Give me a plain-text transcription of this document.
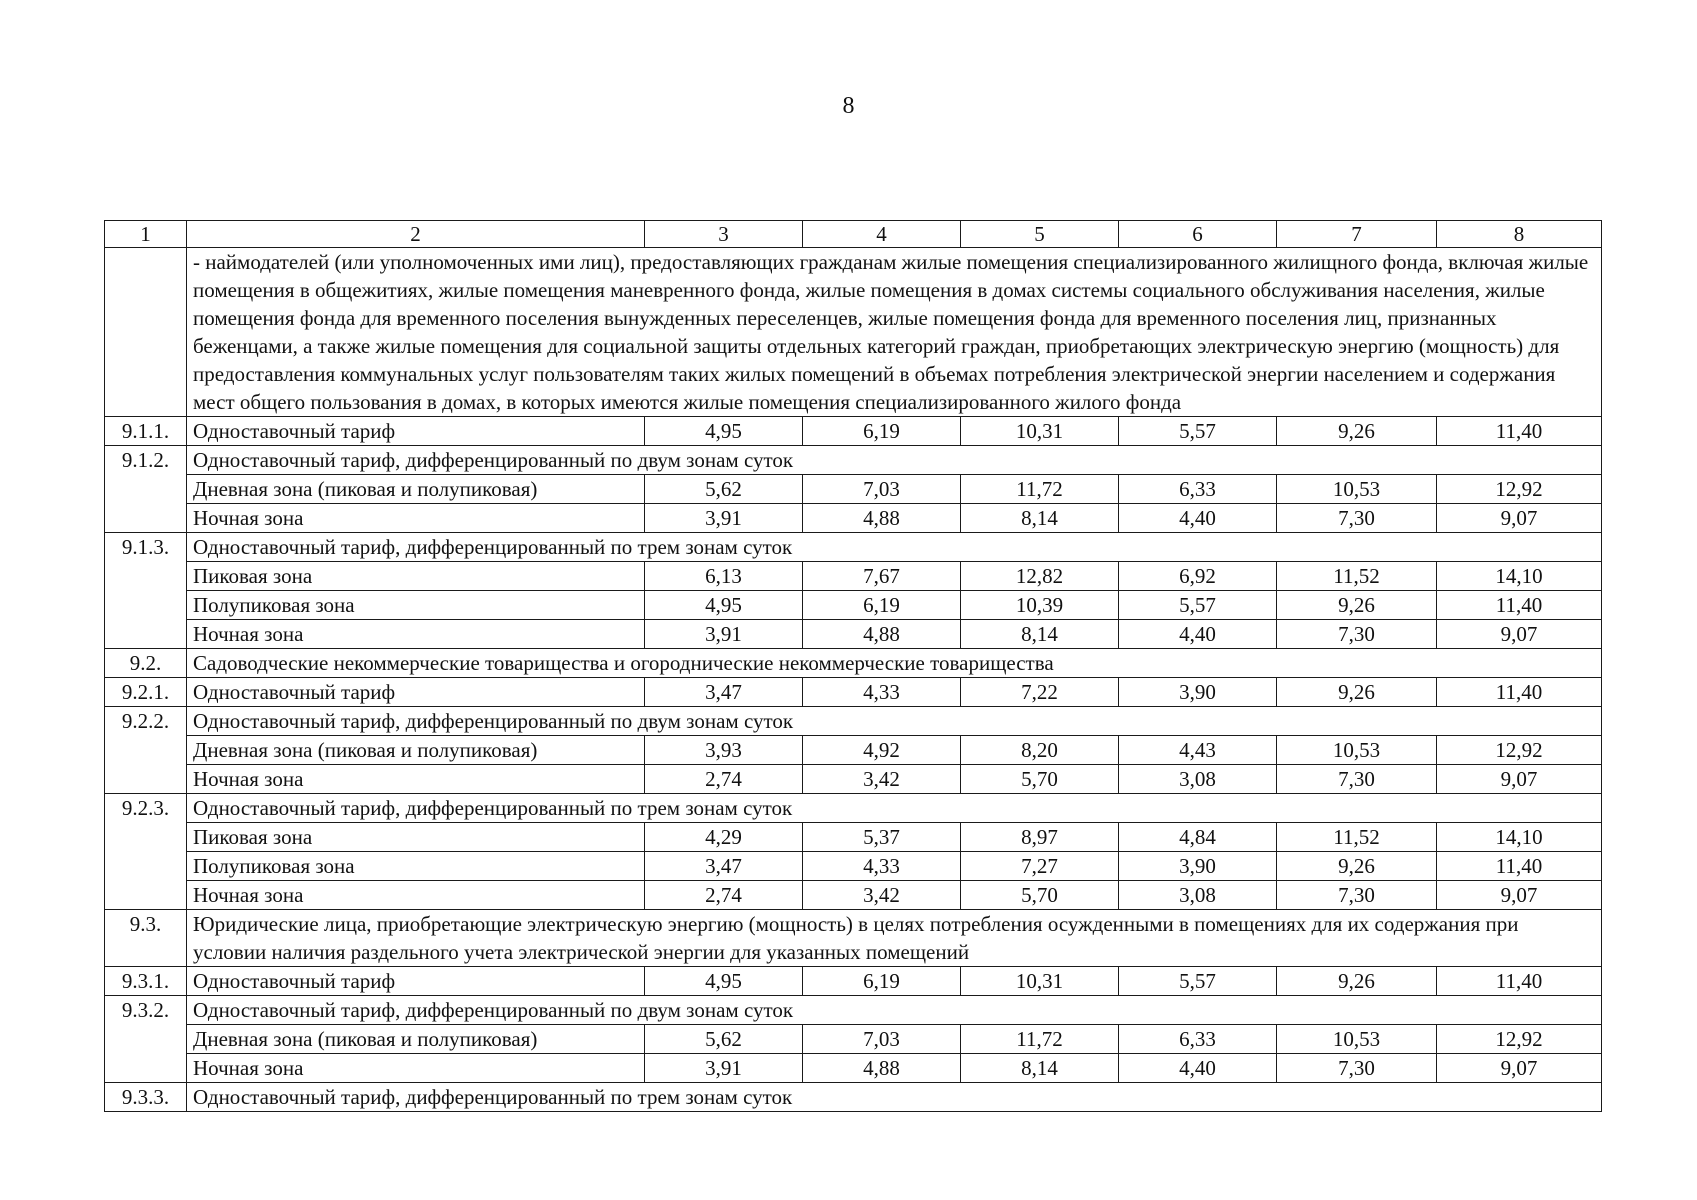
8
1	2	3	4	5	6	7	8
	- наймодателей (или уполномоченных ими лиц), предоставляющих гражданам жилые помещения специализированного жилищного фонда, включая жилые помещения в общежитиях, жилые помещения маневренного фонда, жилые помещения в домах системы социального обслуживания населения, жилые помещения фонда для временного поселения вынужденных переселенцев, жилые помещения фонда для временного поселения лиц, признанных беженцами, а также жилые помещения для социальной защиты отдельных категорий граждан, приобретающих электрическую энергию (мощность) для предоставления коммунальных услуг пользователям таких жилых помещений в объемах потребления электрической энергии населением и содержания мест общего пользования в домах, в которых имеются жилые помещения специализированного жилого фонда						
9.1.1.	Одноставочный тариф	4,95	6,19	10,31	5,57	9,26	11,40
9.1.2.	Одноставочный тариф, дифференцированный по двум зонам суток						
	Дневная зона (пиковая и полупиковая)	5,62	7,03	11,72	6,33	10,53	12,92
	Ночная зона	3,91	4,88	8,14	4,40	7,30	9,07
9.1.3.	Одноставочный тариф, дифференцированный по трем зонам суток						
	Пиковая зона	6,13	7,67	12,82	6,92	11,52	14,10
	Полупиковая зона	4,95	6,19	10,39	5,57	9,26	11,40
	Ночная зона	3,91	4,88	8,14	4,40	7,30	9,07
9.2.	Садоводческие некоммерческие товарищества и огороднические некоммерческие товарищества						
9.2.1.	Одноставочный тариф	3,47	4,33	7,22	3,90	9,26	11,40
9.2.2.	Одноставочный тариф, дифференцированный по двум зонам суток						
	Дневная зона (пиковая и полупиковая)	3,93	4,92	8,20	4,43	10,53	12,92
	Ночная зона	2,74	3,42	5,70	3,08	7,30	9,07
9.2.3.	Одноставочный тариф, дифференцированный по трем зонам суток						
	Пиковая зона	4,29	5,37	8,97	4,84	11,52	14,10
	Полупиковая зона	3,47	4,33	7,27	3,90	9,26	11,40
	Ночная зона	2,74	3,42	5,70	3,08	7,30	9,07
9.3.	Юридические лица, приобретающие электрическую энергию (мощность) в целях потребления осужденными в помещениях для их содержания при условии наличия раздельного учета электрической энергии для указанных помещений						
9.3.1.	Одноставочный тариф	4,95	6,19	10,31	5,57	9,26	11,40
9.3.2.	Одноставочный тариф, дифференцированный по двум зонам суток						
	Дневная зона (пиковая и полупиковая)	5,62	7,03	11,72	6,33	10,53	12,92
	Ночная зона	3,91	4,88	8,14	4,40	7,30	9,07
9.3.3.	Одноставочный тариф, дифференцированный по трем зонам суток						
